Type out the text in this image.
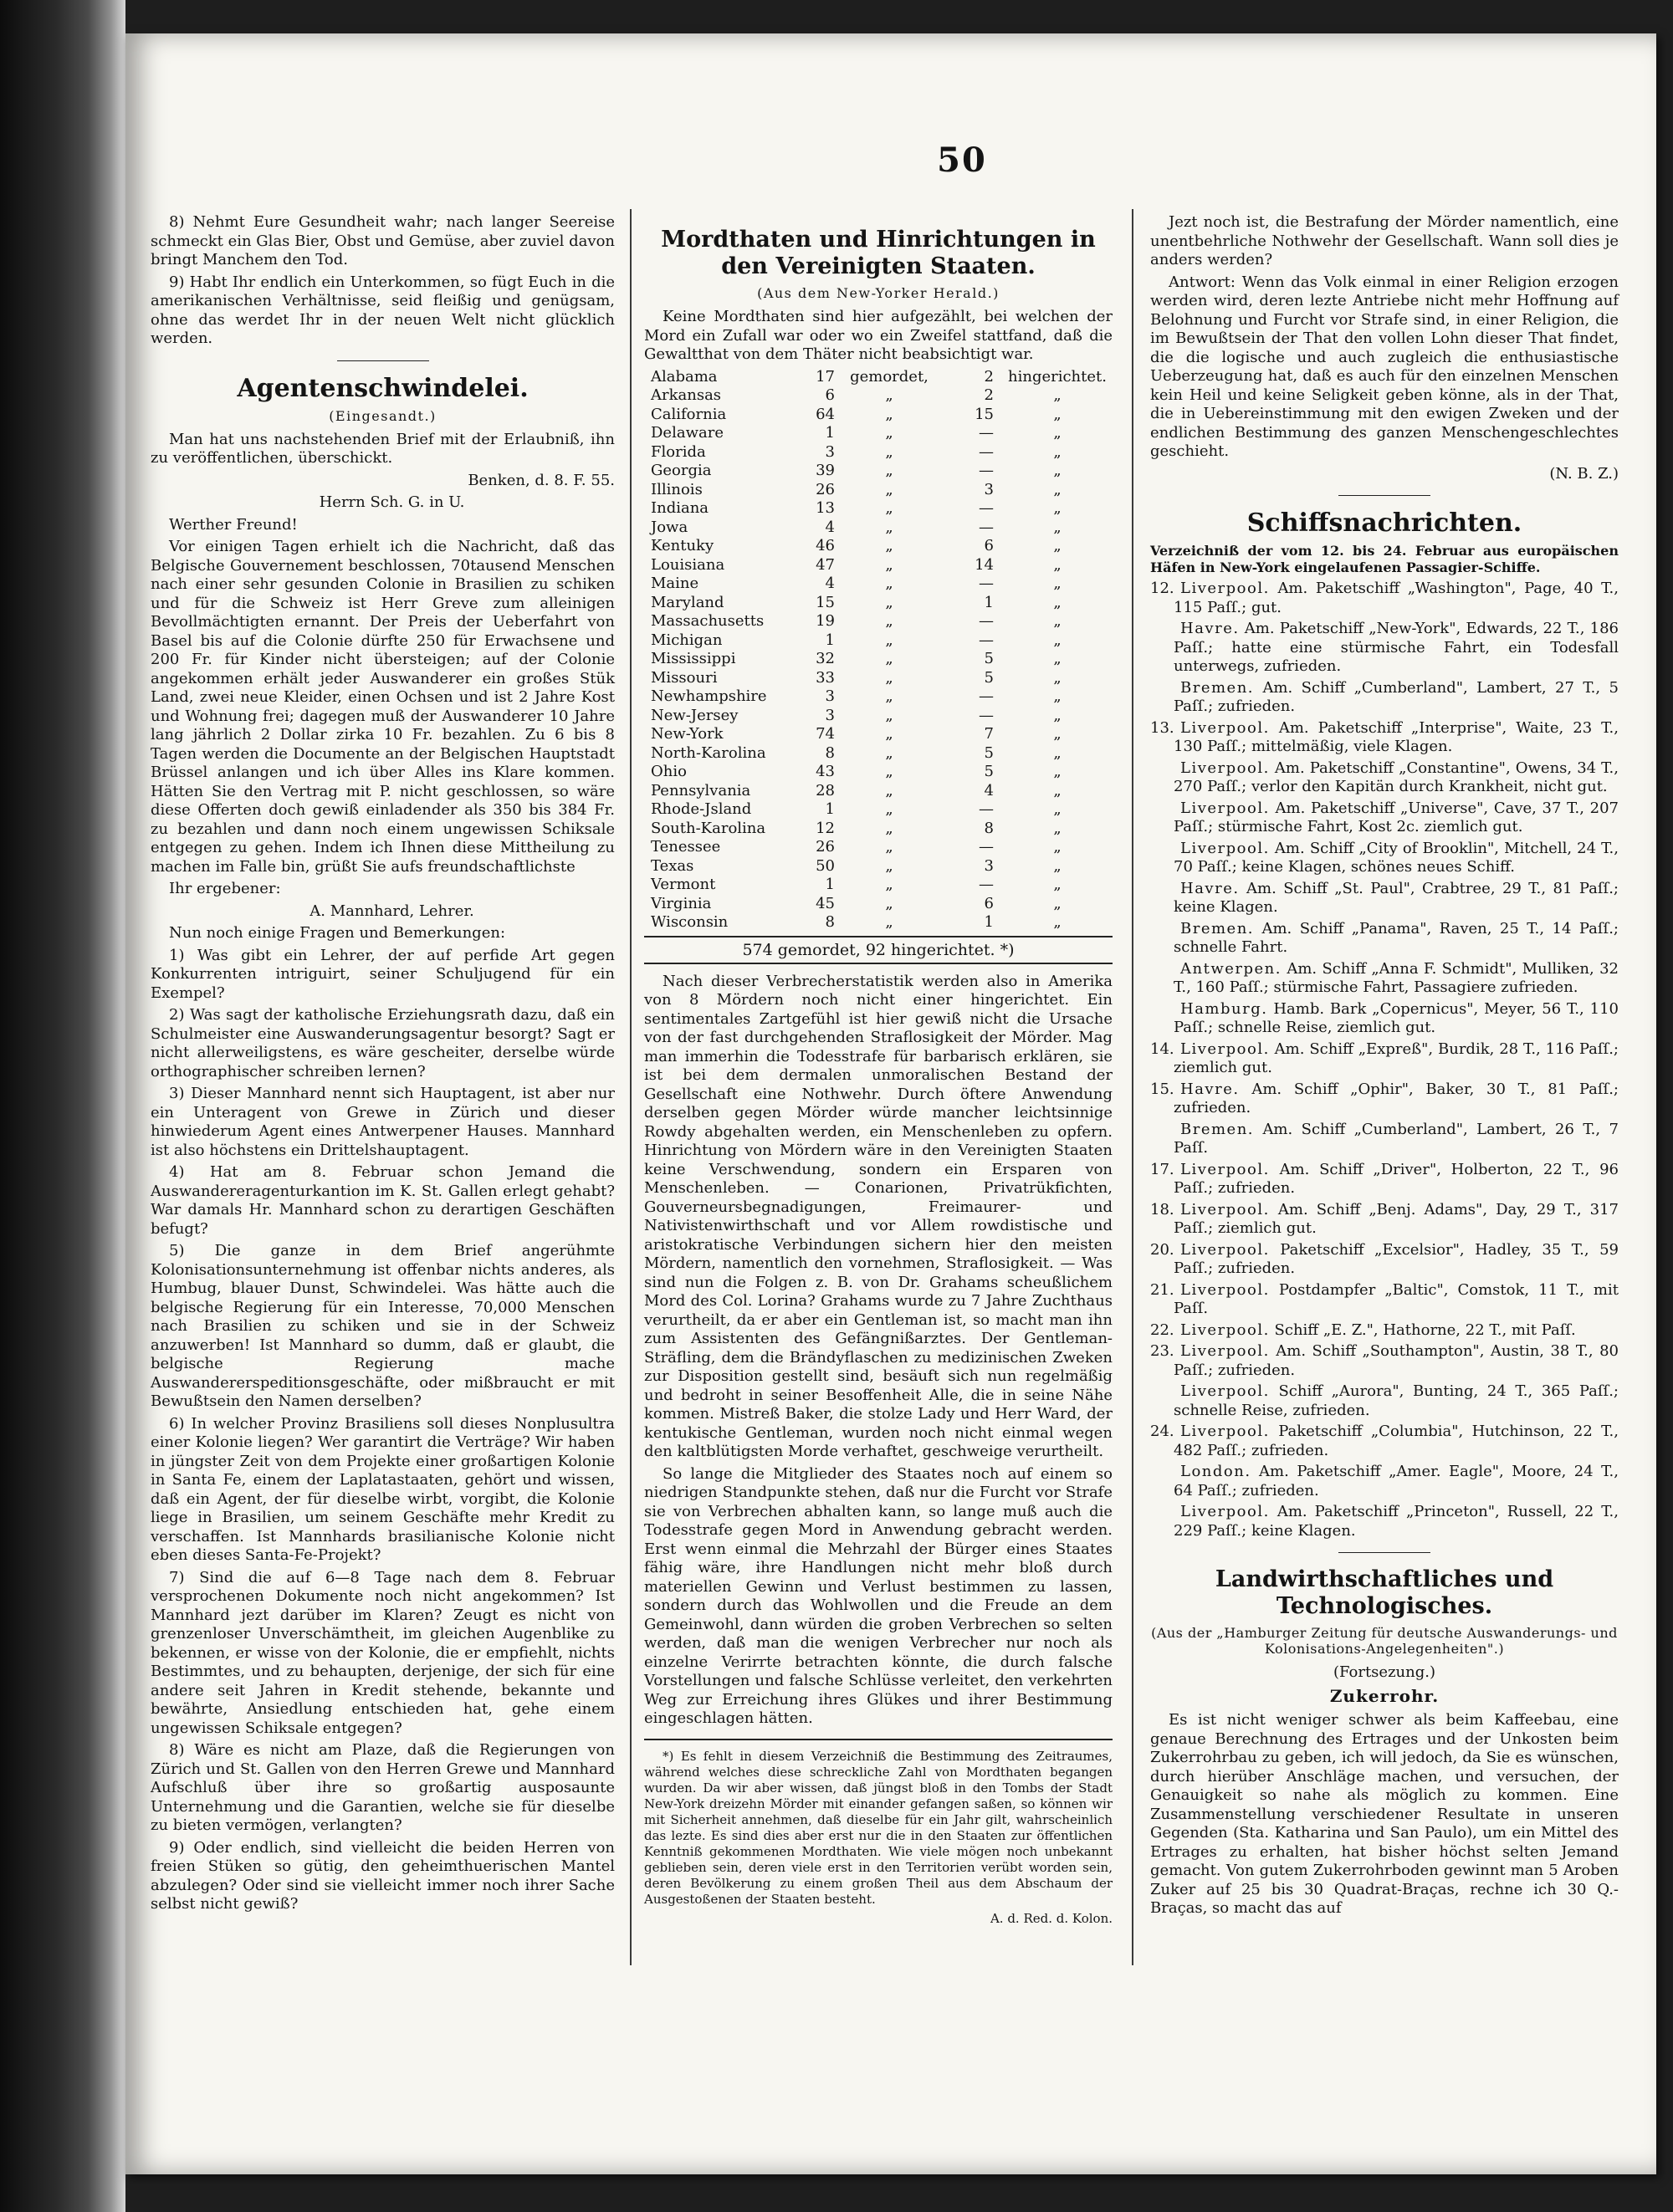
50

8) Nehmt Eure Gesundheit wahr; nach langer Seereise schmeckt ein Glas Bier, Obst und Gemüse, aber zuviel davon bringt Manchem den Tod.

9) Habt Ihr endlich ein Unterkommen, so fügt Euch in die amerikanischen Verhältnisse, seid fleißig und genügsam, ohne das werdet Ihr in der neuen Welt nicht glücklich werden.

Agentenschwindelei.
(Eingesandt.)

Man hat uns nachstehenden Brief mit der Erlaubniß, ihn zu veröffentlichen, überschickt.

Benken, d. 8. F. 55.

Herrn Sch. G. in U.

Werther Freund!

Vor einigen Tagen erhielt ich die Nachricht, daß das Belgische Gouvernement beschlossen, 70tausend Menschen nach einer sehr gesunden Colonie in Brasilien zu schiken und für die Schweiz ist Herr Greve zum alleinigen Bevollmächtigten ernannt. Der Preis der Ueberfahrt von Basel bis auf die Colonie dürfte 250 für Erwachsene und 200 Fr. für Kinder nicht übersteigen; auf der Colonie angekommen erhält jeder Auswanderer ein großes Stük Land, zwei neue Kleider, einen Ochsen und ist 2 Jahre Kost und Wohnung frei; dagegen muß der Auswanderer 10 Jahre lang jährlich 2 Dollar zirka 10 Fr. bezahlen. Zu 6 bis 8 Tagen werden die Documente an der Belgischen Hauptstadt Brüssel anlangen und ich über Alles ins Klare kommen. Hätten Sie den Vertrag mit P. nicht geschlossen, so wäre diese Offerten doch gewiß einladender als 350 bis 384 Fr. zu bezahlen und dann noch einem ungewissen Schiksale entgegen zu gehen. Indem ich Ihnen diese Mittheilung zu machen im Falle bin, grüßt Sie aufs freundschaftlichste

Ihr ergebener:

A. Mannhard, Lehrer.

Nun noch einige Fragen und Bemerkungen:

1) Was gibt ein Lehrer, der auf perfide Art gegen Konkurrenten intriguirt, seiner Schuljugend für ein Exempel?

2) Was sagt der katholische Erziehungsrath dazu, daß ein Schulmeister eine Auswanderungsagentur besorgt? Sagt er nicht allerweiligstens, es wäre gescheiter, derselbe würde orthographischer schreiben lernen?

3) Dieser Mannhard nennt sich Hauptagent, ist aber nur ein Unteragent von Grewe in Zürich und dieser hinwiederum Agent eines Antwerpener Hauses. Mannhard ist also höchstens ein Drittelshauptagent.

4) Hat am 8. Februar schon Jemand die Auswandereragenturkantion im K. St. Gallen erlegt gehabt? War damals Hr. Mannhard schon zu derartigen Geschäften befugt?

5) Die ganze in dem Brief angerühmte Kolonisationsunternehmung ist offenbar nichts anderes, als Humbug, blauer Dunst, Schwindelei. Was hätte auch die belgische Regierung für ein Interesse, 70,000 Menschen nach Brasilien zu schiken und sie in der Schweiz anzuwerben! Ist Mannhard so dumm, daß er glaubt, die belgische Regierung mache Auswandererspeditionsgeschäfte, oder mißbraucht er mit Bewußtsein den Namen derselben?

6) In welcher Provinz Brasiliens soll dieses Nonplusultra einer Kolonie liegen? Wer garantirt die Verträge? Wir haben in jüngster Zeit von dem Projekte einer großartigen Kolonie in Santa Fe, einem der Laplatastaaten, gehört und wissen, daß ein Agent, der für dieselbe wirbt, vorgibt, die Kolonie liege in Brasilien, um seinem Geschäfte mehr Kredit zu verschaffen. Ist Mannhards brasilianische Kolonie nicht eben dieses Santa-Fe-Projekt?

7) Sind die auf 6—8 Tage nach dem 8. Februar versprochenen Dokumente noch nicht angekommen? Ist Mannhard jezt darüber im Klaren? Zeugt es nicht von grenzenloser Unverschämtheit, im gleichen Augenblike zu bekennen, er wisse von der Kolonie, die er empfiehlt, nichts Bestimmtes, und zu behaupten, derjenige, der sich für eine andere seit Jahren in Kredit stehende, bekannte und bewährte, Ansiedlung entschieden hat, gehe einem ungewissen Schiksale entgegen?

8) Wäre es nicht am Plaze, daß die Regierungen von Zürich und St. Gallen von den Herren Grewe und Mannhard Aufschluß über ihre so großartig ausposaunte Unternehmung und die Garantien, welche sie für dieselbe zu bieten vermögen, verlangten?

9) Oder endlich, sind vielleicht die beiden Herren von freien Stüken so gütig, den geheimthuerischen Mantel abzulegen? Oder sind sie vielleicht immer noch ihrer Sache selbst nicht gewiß?

Mordthaten und Hinrichtungen in den Vereinigten Staaten.
(Aus dem New-Yorker Herald.)

Keine Mordthaten sind hier aufgezählt, bei welchen der Mord ein Zufall war oder wo ein Zweifel stattfand, daß die Gewaltthat von dem Thäter nicht beabsichtigt war.

Alabama	17	gemordet,	2	hingerichtet.
Arkansas	6	„	2	„
California	64	„	15	„
Delaware	1	„	—	„
Florida	3	„	—	„
Georgia	39	„	—	„
Illinois	26	„	3	„
Indiana	13	„	—	„
Jowa	4	„	—	„
Kentuky	46	„	6	„
Louisiana	47	„	14	„
Maine	4	„	—	„
Maryland	15	„	1	„
Massachusetts	19	„	—	„
Michigan	1	„	—	„
Mississippi	32	„	5	„
Missouri	33	„	5	„
Newhampshire	3	„	—	„
New-Jersey	3	„	—	„
New-York	74	„	7	„
North-Karolina	8	„	5	„
Ohio	43	„	5	„
Pennsylvania	28	„	4	„
Rhode-Jsland	1	„	—	„
South-Karolina	12	„	8	„
Tenessee	26	„	—	„
Texas	50	„	3	„
Vermont	1	„	—	„
Virginia	45	„	6	„
Wisconsin	8	„	1	„
574 gemordet, 92 hingerichtet. *)

Nach dieser Verbrecherstatistik werden also in Amerika von 8 Mördern noch nicht einer hingerichtet. Ein sentimentales Zartgefühl ist hier gewiß nicht die Ursache von der fast durchgehenden Straflosigkeit der Mörder. Mag man immerhin die Todesstrafe für barbarisch erklären, sie ist bei dem dermalen unmoralischen Bestand der Gesellschaft eine Nothwehr. Durch öftere Anwendung derselben gegen Mörder würde mancher leichtsinnige Rowdy abgehalten werden, ein Menschenleben zu opfern. Hinrichtung von Mördern wäre in den Vereinigten Staaten keine Verschwendung, sondern ein Ersparen von Menschenleben. — Conarionen, Privatrükfichten, Gouverneursbegnadigungen, Freimaurer- und Nativistenwirthschaft und vor Allem rowdistische und aristokratische Verbindungen sichern hier den meisten Mördern, namentlich den vornehmen, Straflosigkeit. — Was sind nun die Folgen z. B. von Dr. Grahams scheußlichem Mord des Col. Lorina? Grahams wurde zu 7 Jahre Zuchthaus verurtheilt, da er aber ein Gentleman ist, so macht man ihn zum Assistenten des Gefängnißarztes. Der Gentleman-Sträfling, dem die Brändyflaschen zu medizinischen Zweken zur Disposition gestellt sind, besäuft sich nun regelmäßig und bedroht in seiner Besoffenheit Alle, die in seine Nähe kommen. Mistreß Baker, die stolze Lady und Herr Ward, der kentukische Gentleman, wurden noch nicht einmal wegen den kaltblütigsten Morde verhaftet, geschweige verurtheilt.

So lange die Mitglieder des Staates noch auf einem so niedrigen Standpunkte stehen, daß nur die Furcht vor Strafe sie von Verbrechen abhalten kann, so lange muß auch die Todesstrafe gegen Mord in Anwendung gebracht werden. Erst wenn einmal die Mehrzahl der Bürger eines Staates fähig wäre, ihre Handlungen nicht mehr bloß durch materiellen Gewinn und Verlust bestimmen zu lassen, sondern durch das Wohlwollen und die Freude an dem Gemeinwohl, dann würden die groben Verbrechen so selten werden, daß man die wenigen Verbrecher nur noch als einzelne Verirrte betrachten könnte, die durch falsche Vorstellungen und falsche Schlüsse verleitet, den verkehrten Weg zur Erreichung ihres Glükes und ihrer Bestimmung eingeschlagen hätten.

*) Es fehlt in diesem Verzeichniß die Bestimmung des Zeitraumes, während welches diese schreckliche Zahl von Mordthaten begangen wurden. Da wir aber wissen, daß jüngst bloß in den Tombs der Stadt New-York dreizehn Mörder mit einander gefangen saßen, so können wir mit Sicherheit annehmen, daß dieselbe für ein Jahr gilt, wahrscheinlich das lezte. Es sind dies aber erst nur die in den Staaten zur öffentlichen Kenntniß gekommenen Mordthaten. Wie viele mögen noch unbekannt geblieben sein, deren viele erst in den Territorien verübt worden sein, deren Bevölkerung zu einem großen Theil aus dem Abschaum der Ausgestoßenen der Staaten besteht.

A. d. Red. d. Kolon.

Jezt noch ist, die Bestrafung der Mörder namentlich, eine unentbehrliche Nothwehr der Gesellschaft. Wann soll dies je anders werden?

Antwort: Wenn das Volk einmal in einer Religion erzogen werden wird, deren lezte Antriebe nicht mehr Hoffnung auf Belohnung und Furcht vor Strafe sind, in einer Religion, die im Bewußtsein der That den vollen Lohn dieser That findet, die die logische und auch zugleich die enthusiastische Ueberzeugung hat, daß es auch für den einzelnen Menschen kein Heil und keine Seligkeit geben könne, als in der That, die in Uebereinstimmung mit den ewigen Zweken und der endlichen Bestimmung des ganzen Menschengeschlechtes geschieht.

(N. B. Z.)

Schiffsnachrichten.

Verzeichniß der vom 12. bis 24. Februar aus europäischen Häfen in New-York eingelaufenen Passagier-Schiffe.

12. Liverpool. Am. Paketschiff „Washington", Page, 40 T., 115 Paſſ.; gut.

Havre. Am. Paketschiff „New-York", Edwards, 22 T., 186 Paſſ.; hatte eine stürmische Fahrt, ein Todesfall unterwegs, zufrieden.

Bremen. Am. Schiff „Cumberland", Lambert, 27 T., 5 Paſſ.; zufrieden.

13. Liverpool. Am. Paketschiff „Interprise", Waite, 23 T., 130 Paſſ.; mittelmäßig, viele Klagen.

Liverpool. Am. Paketschiff „Constantine", Owens, 34 T., 270 Paſſ.; verlor den Kapitän durch Krankheit, nicht gut.

Liverpool. Am. Paketschiff „Universe", Cave, 37 T., 207 Paſſ.; stürmische Fahrt, Kost 2c. ziemlich gut.

Liverpool. Am. Schiff „City of Brooklin", Mitchell, 24 T., 70 Paſſ.; keine Klagen, schönes neues Schiff.

Havre. Am. Schiff „St. Paul", Crabtree, 29 T., 81 Paſſ.; keine Klagen.

Bremen. Am. Schiff „Panama", Raven, 25 T., 14 Paſſ.; schnelle Fahrt.

Antwerpen. Am. Schiff „Anna F. Schmidt", Mulliken, 32 T., 160 Paſſ.; stürmische Fahrt, Passagiere zufrieden.

Hamburg. Hamb. Bark „Copernicus", Meyer, 56 T., 110 Paſſ.; schnelle Reise, ziemlich gut.

14. Liverpool. Am. Schiff „Expreß", Burdik, 28 T., 116 Paſſ.; ziemlich gut.

15. Havre. Am. Schiff „Ophir", Baker, 30 T., 81 Paſſ.; zufrieden.

Bremen. Am. Schiff „Cumberland", Lambert, 26 T., 7 Paſſ.

17. Liverpool. Am. Schiff „Driver", Holberton, 22 T., 96 Paſſ.; zufrieden.

18. Liverpool. Am. Schiff „Benj. Adams", Day, 29 T., 317 Paſſ.; ziemlich gut.

20. Liverpool. Paketschiff „Excelsior", Hadley, 35 T., 59 Paſſ.; zufrieden.

21. Liverpool. Postdampfer „Baltic", Comstok, 11 T., mit Paſſ.

22. Liverpool. Schiff „E. Z.", Hathorne, 22 T., mit Paſſ.

23. Liverpool. Am. Schiff „Southampton", Austin, 38 T., 80 Paſſ.; zufrieden.

Liverpool. Schiff „Aurora", Bunting, 24 T., 365 Paſſ.; schnelle Reise, zufrieden.

24. Liverpool. Paketschiff „Columbia", Hutchinson, 22 T., 482 Paſſ.; zufrieden.

London. Am. Paketschiff „Amer. Eagle", Moore, 24 T., 64 Paſſ.; zufrieden.

Liverpool. Am. Paketschiff „Princeton", Russell, 22 T., 229 Paſſ.; keine Klagen.

Landwirthschaftliches und Technologisches.
(Aus der „Hamburger Zeitung für deutsche Auswanderungs- und Kolonisations-Angelegenheiten".)
(Fortsezung.)
Zukerrohr.

Es ist nicht weniger schwer als beim Kaffeebau, eine genaue Berechnung des Ertrages und der Unkosten beim Zukerrohrbau zu geben, ich will jedoch, da Sie es wünschen, durch hierüber Anschläge machen, und versuchen, der Genauigkeit so nahe als möglich zu kommen. Eine Zusammenstellung verschiedener Resultate in unseren Gegenden (Sta. Katharina und San Paulo), um ein Mittel des Ertrages zu erhalten, hat bisher höchst selten Jemand gemacht. Von gutem Zukerrohrboden gewinnt man 5 Aroben Zuker auf 25 bis 30 Quadrat-Braças, rechne ich 30 Q.-Braças, so macht das auf
